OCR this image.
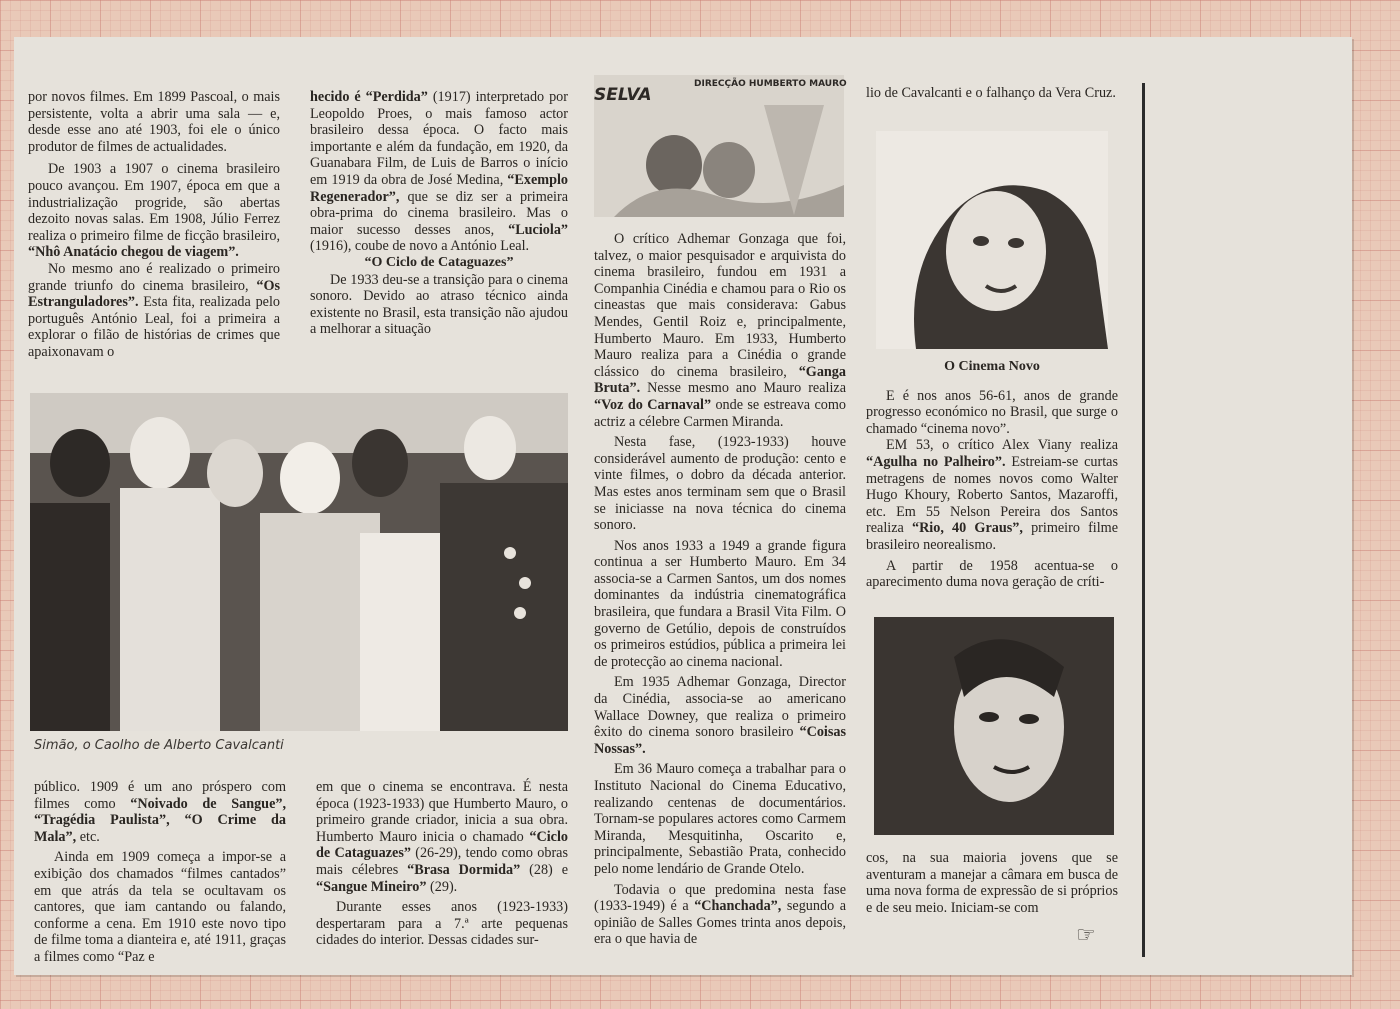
por novos filmes. Em 1899 Pascoal, o mais persistente, volta a abrir uma sala — e, desde esse ano até 1903, foi ele o único produtor de filmes de actualidades.

De 1903 a 1907 o cinema brasileiro pouco avançou. Em 1907, época em que a industrialização progride, são abertas dezoito novas salas. Em 1908, Júlio Ferrez realiza o primeiro filme de ficção brasileiro, “Nhô Anatácio chegou de viagem”.

No mesmo ano é realizado o primeiro grande triunfo do cinema brasileiro, “Os Estranguladores”. Esta fita, realizada pelo português António Leal, foi a primeira a explorar o filão de histórias de crimes que apaixonavam o

hecido é “Perdida” (1917) interpretado por Leopoldo Proes, o mais famoso actor brasileiro dessa época. O facto mais importante e além da fundação, em 1920, da Guanabara Film, de Luis de Barros o início em 1919 da obra de José Medina, “Exemplo Regenerador”, que se diz ser a primeira obra-prima do cinema brasileiro. Mas o maior sucesso desses anos, “Luciola” (1916), coube de novo a António Leal.

“O Ciclo de Cataguazes”

De 1933 deu-se a transição para o cinema sonoro. Devido ao atraso técnico ainda existente no Brasil, esta transição não ajudou a melhorar a situação

Simão, o Caolho de Alberto Cavalcanti

público. 1909 é um ano próspero com filmes como “Noivado de Sangue”, “Tragédia Paulista”, “O Crime da Mala”, etc.

Ainda em 1909 começa a impor-se a exibição dos chamados “filmes cantados” em que atrás da tela se ocultavam os cantores, que iam cantando ou falando, conforme a cena. Em 1910 este novo tipo de filme toma a dianteira e, até 1911, graças a filmes como “Paz e

em que o cinema se encontrava. É nesta época (1923-1933) que Humberto Mauro, o primeiro grande criador, inicia a sua obra. Humberto Mauro inicia o chamado “Ciclo de Cataguazes” (26-29), tendo como obras mais célebres “Brasa Dormida” (28) e “Sangue Mineiro” (29).

Durante esses anos (1923-1933) despertaram para a 7.ª arte pequenas cidades do interior. Dessas cidades sur-

SELVA
DIRECÇÃO HUMBERTO MAURO

O crítico Adhemar Gonzaga que foi, talvez, o maior pesquisador e arquivista do cinema brasileiro, fundou em 1931 a Companhia Cinédia e chamou para o Rio os cineastas que mais considerava: Gabus Mendes, Gentil Roiz e, principalmente, Humberto Mauro. Em 1933, Humberto Mauro realiza para a Cinédia o grande clássico do cinema brasileiro, “Ganga Bruta”. Nesse mesmo ano Mauro realiza “Voz do Carnaval” onde se estreava como actriz a célebre Carmen Miranda.

Nesta fase, (1923-1933) houve considerável aumento de produção: cento e vinte filmes, o dobro da década anterior. Mas estes anos terminam sem que o Brasil se iniciasse na nova técnica do cinema sonoro.

Nos anos 1933 a 1949 a grande figura continua a ser Humberto Mauro. Em 34 associa-se a Carmen Santos, um dos nomes dominantes da indústria cinematográfica brasileira, que fundara a Brasil Vita Film. O governo de Getúlio, depois de construídos os primeiros estúdios, pública a primeira lei de protecção ao cinema nacional.

Em 1935 Adhemar Gonzaga, Director da Cinédia, associa-se ao americano Wallace Downey, que realiza o primeiro êxito do cinema sonoro brasileiro “Coisas Nossas”.

Em 36 Mauro começa a trabalhar para o Instituto Nacional do Cinema Educativo, realizando centenas de documentários. Tornam-se populares actores como Carmem Miranda, Mesquitinha, Oscarito e, principalmente, Sebastião Prata, conhecido pelo nome lendário de Grande Otelo.

Todavia o que predomina nesta fase (1933-1949) é a “Chanchada”, segundo a opinião de Salles Gomes trinta anos depois, era o que havia de

lio de Cavalcanti e o falhanço da Vera Cruz.

O Cinema Novo

E é nos anos 56-61, anos de grande progresso económico no Brasil, que surge o chamado “cinema novo”.

EM 53, o crítico Alex Viany realiza “Agulha no Palheiro”. Estreiam-se curtas metragens de nomes novos como Walter Hugo Khoury, Roberto Santos, Mazaroffi, etc. Em 55 Nelson Pereira dos Santos realiza “Rio, 40 Graus”, primeiro filme brasileiro neorealismo.

A partir de 1958 acentua-se o aparecimento duma nova geração de críti-

cos, na sua maioria jovens que se aventuram a manejar a câmara em busca de uma nova forma de expressão de si próprios e de seu meio. Iniciam-se com

☞
